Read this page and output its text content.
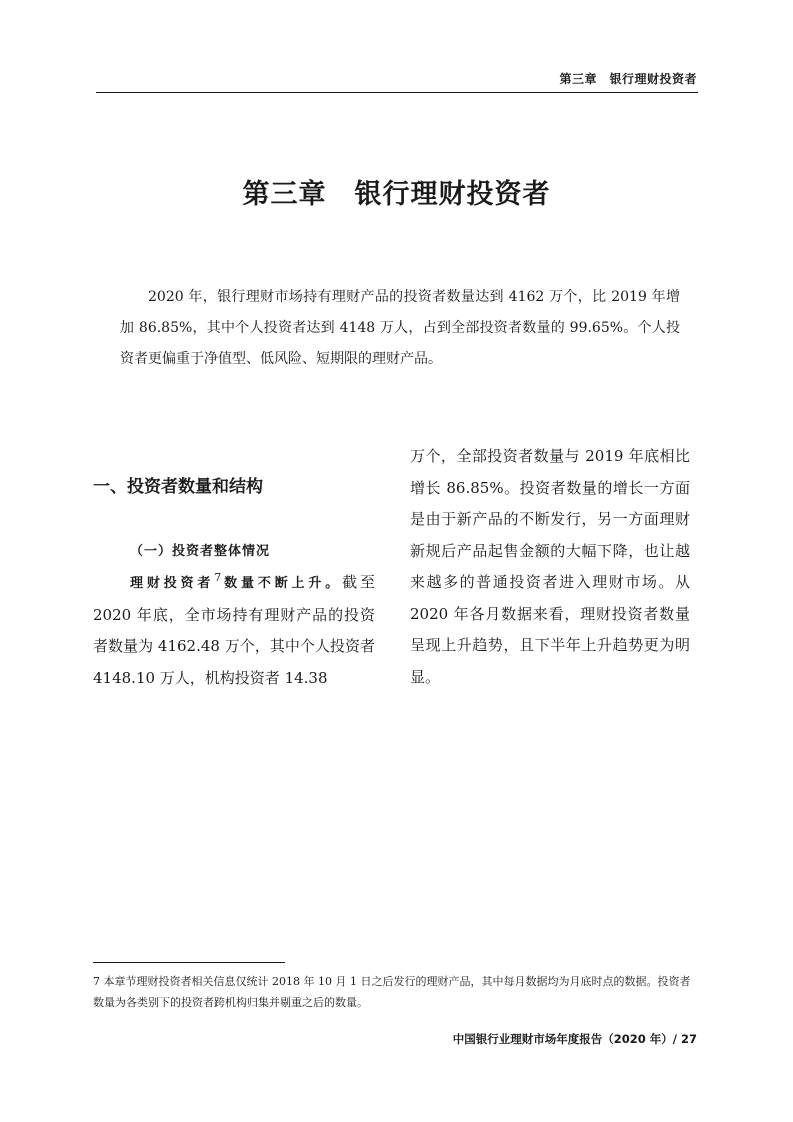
第三章　银行理财投资者
第三章　银行理财投资者

2020 年，银行理财市场持有理财产品的投资者数量达到 4162 万个，比 2019 年增加 86.85%，其中个人投资者达到 4148 万人，占到全部投资者数量的 99.65%。个人投资者更偏重于净值型、低风险、短期限的理财产品。

一、投资者数量和结构
（一）投资者整体情况

理财投资者$^7$数量不断上升。截至 2020 年底，全市场持有理财产品的投资者数量为 4162.48 万个，其中个人投资者 4148.10 万人，机构投资者 14.38

万个，全部投资者数量与 2019 年底相比增长 86.85%。投资者数量的增长一方面是由于新产品的不断发行，另一方面理财新规后产品起售金额的大幅下降，也让越来越多的普通投资者进入理财市场。从 2020 年各月数据来看，理财投资者数量呈现上升趋势，且下半年上升趋势更为明显。

7 本章节理财投资者相关信息仅统计 2018 年 10 月 1 日之后发行的理财产品，其中每月数据均为月底时点的数据。投资者数量为各类别下的投资者跨机构归集并剔重之后的数量。
中国银行业理财市场年度报告（2020 年）/ 27
